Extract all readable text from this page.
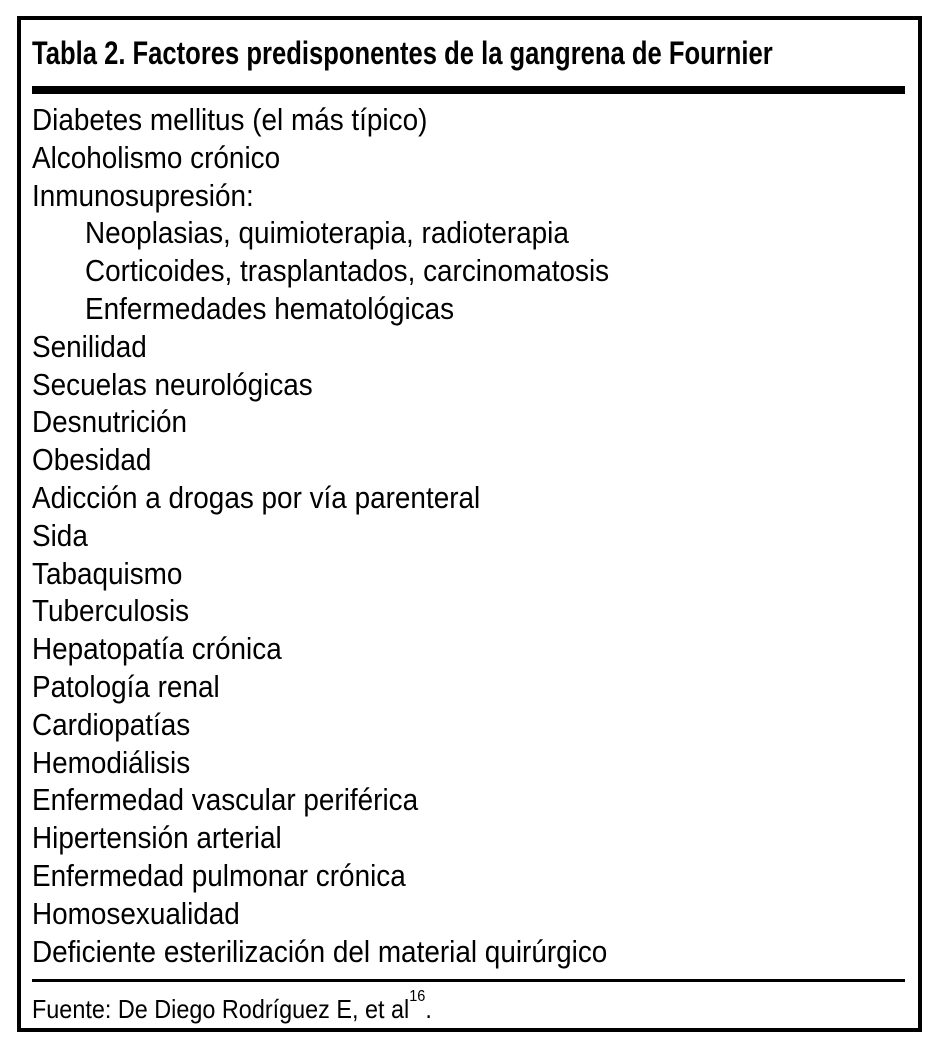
Tabla 2. Factores predisponentes de la gangrena de Fournier
Diabetes mellitus (el más típico)
Alcoholismo crónico
Inmunosupresión:
Neoplasias, quimioterapia, radioterapia
Corticoides, trasplantados, carcinomatosis
Enfermedades hematológicas
Senilidad
Secuelas neurológicas
Desnutrición
Obesidad
Adicción a drogas por vía parenteral
Sida
Tabaquismo
Tuberculosis
Hepatopatía crónica
Patología renal
Cardiopatías
Hemodiálisis
Enfermedad vascular periférica
Hipertensión arterial
Enfermedad pulmonar crónica
Homosexualidad
Deficiente esterilización del material quirúrgico
Fuente: De Diego Rodríguez E, et $al^{16}$.
